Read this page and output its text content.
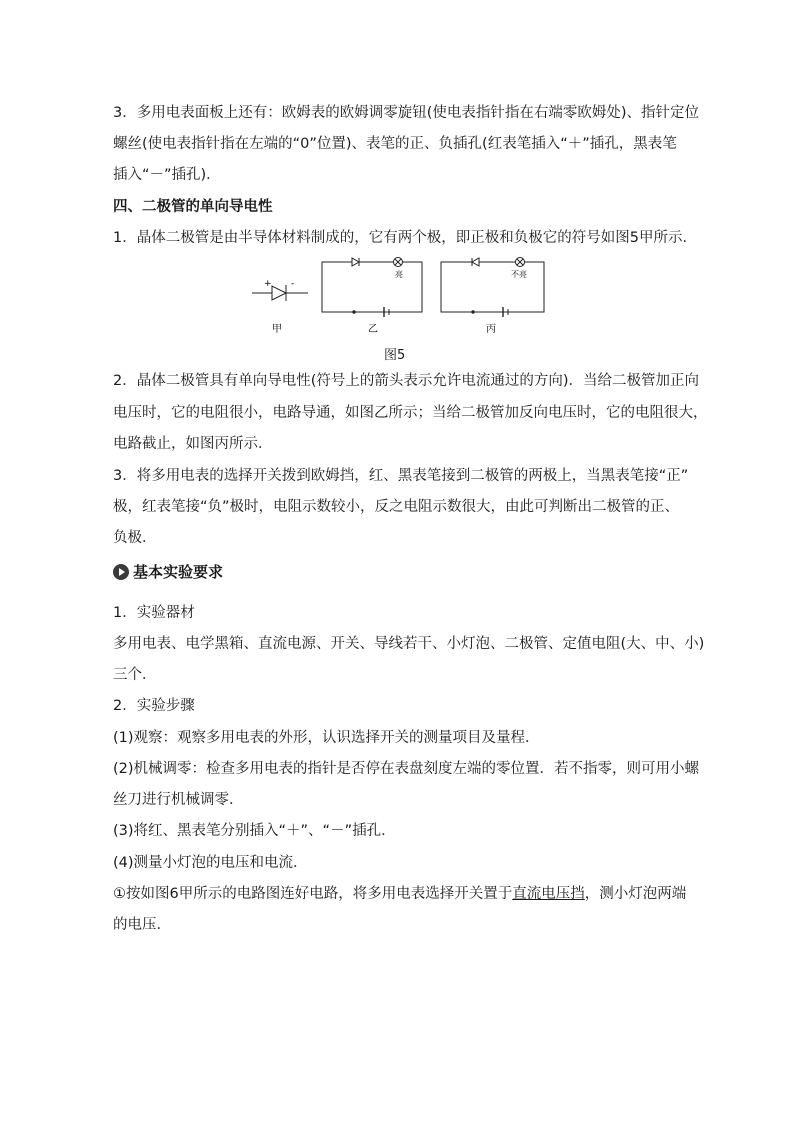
3．多用电表面板上还有：欧姆表的欧姆调零旋钮(使电表指针指在右端零欧姆处)、指针定位
螺丝(使电表指针指在左端的“0”位置)、表笔的正、负插孔(红表笔插入“＋”插孔，黑表笔
插入“－”插孔)．
四、二极管的单向导电性
1．晶体二极管是由半导体材料制成的，它有两个极，即正极和负极它的符号如图5甲所示．
+ -
甲
亮
乙
不亮
丙
图5
2．晶体二极管具有单向导电性(符号上的箭头表示允许电流通过的方向)．当给二极管加正向
电压时，它的电阻很小，电路导通，如图乙所示；当给二极管加反向电压时，它的电阻很大，
电路截止，如图丙所示．
3．将多用电表的选择开关拨到欧姆挡，红、黑表笔接到二极管的两极上，当黑表笔接“正”
极，红表笔接“负”极时，电阻示数较小，反之电阻示数很大，由此可判断出二极管的正、
负极．
基本实验要求
1．实验器材
多用电表、电学黑箱、直流电源、开关、导线若干、小灯泡、二极管、定值电阻(大、中、小)
三个．
2．实验步骤
(1)观察：观察多用电表的外形，认识选择开关的测量项目及量程．
(2)机械调零：检查多用电表的指针是否停在表盘刻度左端的零位置．若不指零，则可用小螺
丝刀进行机械调零．
(3)将红、黑表笔分别插入“＋”、“－”插孔．
(4)测量小灯泡的电压和电流．
①按如图6甲所示的电路图连好电路，将多用电表选择开关置于直流电压挡，测小灯泡两端
的电压．
